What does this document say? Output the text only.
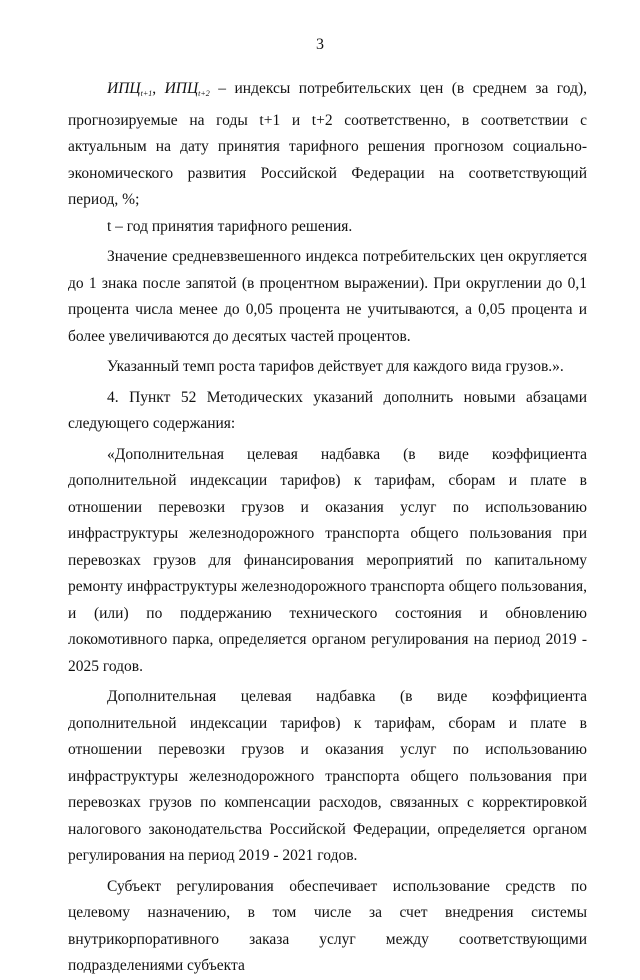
3

$ИПЦ_{t+1}$, $ИПЦ_{t+2}$ – индексы потребительских цен (в среднем за год), прогнозируемые на годы t+1 и t+2 соответственно, в соответствии с актуальным на дату принятия тарифного решения прогнозом социально-экономического развития Российской Федерации на соответствующий период, %;

t – год принятия тарифного решения.

Значение средневзвешенного индекса потребительских цен округляется до 1 знака после запятой (в процентном выражении). При округлении до 0,1 процента числа менее до 0,05 процента не учитываются, а 0,05 процента и более увеличиваются до десятых частей процентов.

Указанный темп роста тарифов действует для каждого вида грузов.».

4. Пункт 52 Методических указаний дополнить новыми абзацами следующего содержания:

«Дополнительная целевая надбавка (в виде коэффициента дополнительной индексации тарифов) к тарифам, сборам и плате в отношении перевозки грузов и оказания услуг по использованию инфраструктуры железнодорожного транспорта общего пользования при перевозках грузов для финансирования мероприятий по капитальному ремонту инфраструктуры железнодорожного транспорта общего пользования, и (или) по поддержанию технического состояния и обновлению локомотивного парка, определяется органом регулирования на период 2019 - 2025 годов.

Дополнительная целевая надбавка (в виде коэффициента дополнительной индексации тарифов) к тарифам, сборам и плате в отношении перевозки грузов и оказания услуг по использованию инфраструктуры железнодорожного транспорта общего пользования при перевозках грузов по компенсации расходов, связанных с корректировкой налогового законодательства Российской Федерации, определяется органом регулирования на период 2019 - 2021 годов.

Субъект регулирования обеспечивает использование средств по целевому назначению, в том числе за счет внедрения системы внутрикорпоративного заказа услуг между соответствующими подразделениями субъекта
